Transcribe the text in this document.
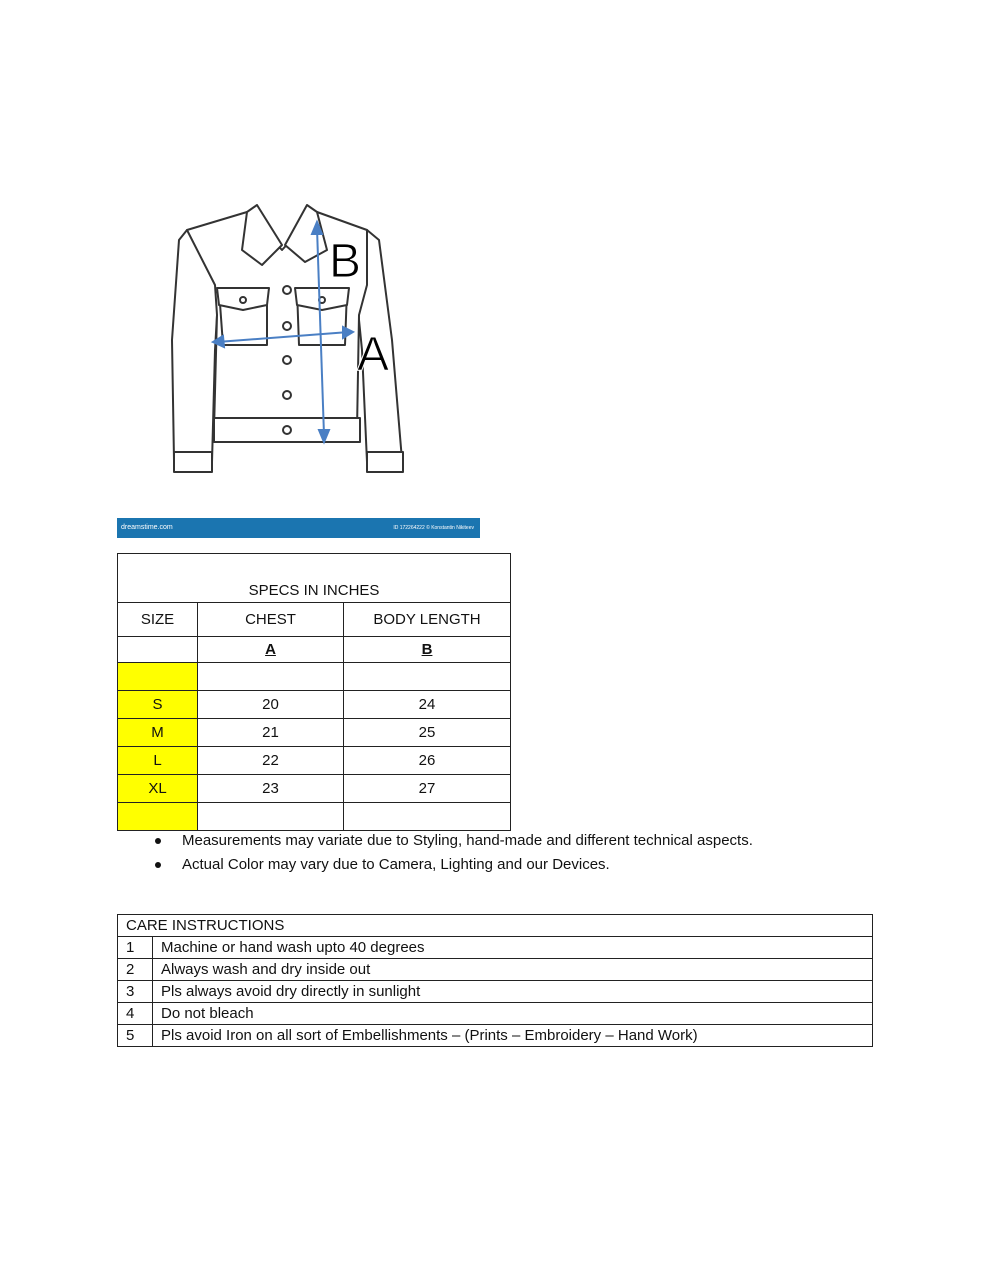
B
A
dreamstime.com	ID 172264222 © Konstantin Nikiteev
SPECS IN INCHES		
SIZE	CHEST	BODY LENGTH
	A	B

S	20	24
M	21	25
L	22	26
XL	23	27

Measurements may variate due to Styling, hand-made and different technical aspects.
Actual Color may vary due to Camera, Lighting and our Devices.
CARE INSTRUCTIONS	
1	Machine or hand wash upto 40 degrees
2	Always wash and dry inside out
3	Pls always avoid dry directly in sunlight
4	Do not bleach
5	Pls avoid Iron on all sort of Embellishments – (Prints – Embroidery – Hand Work)
